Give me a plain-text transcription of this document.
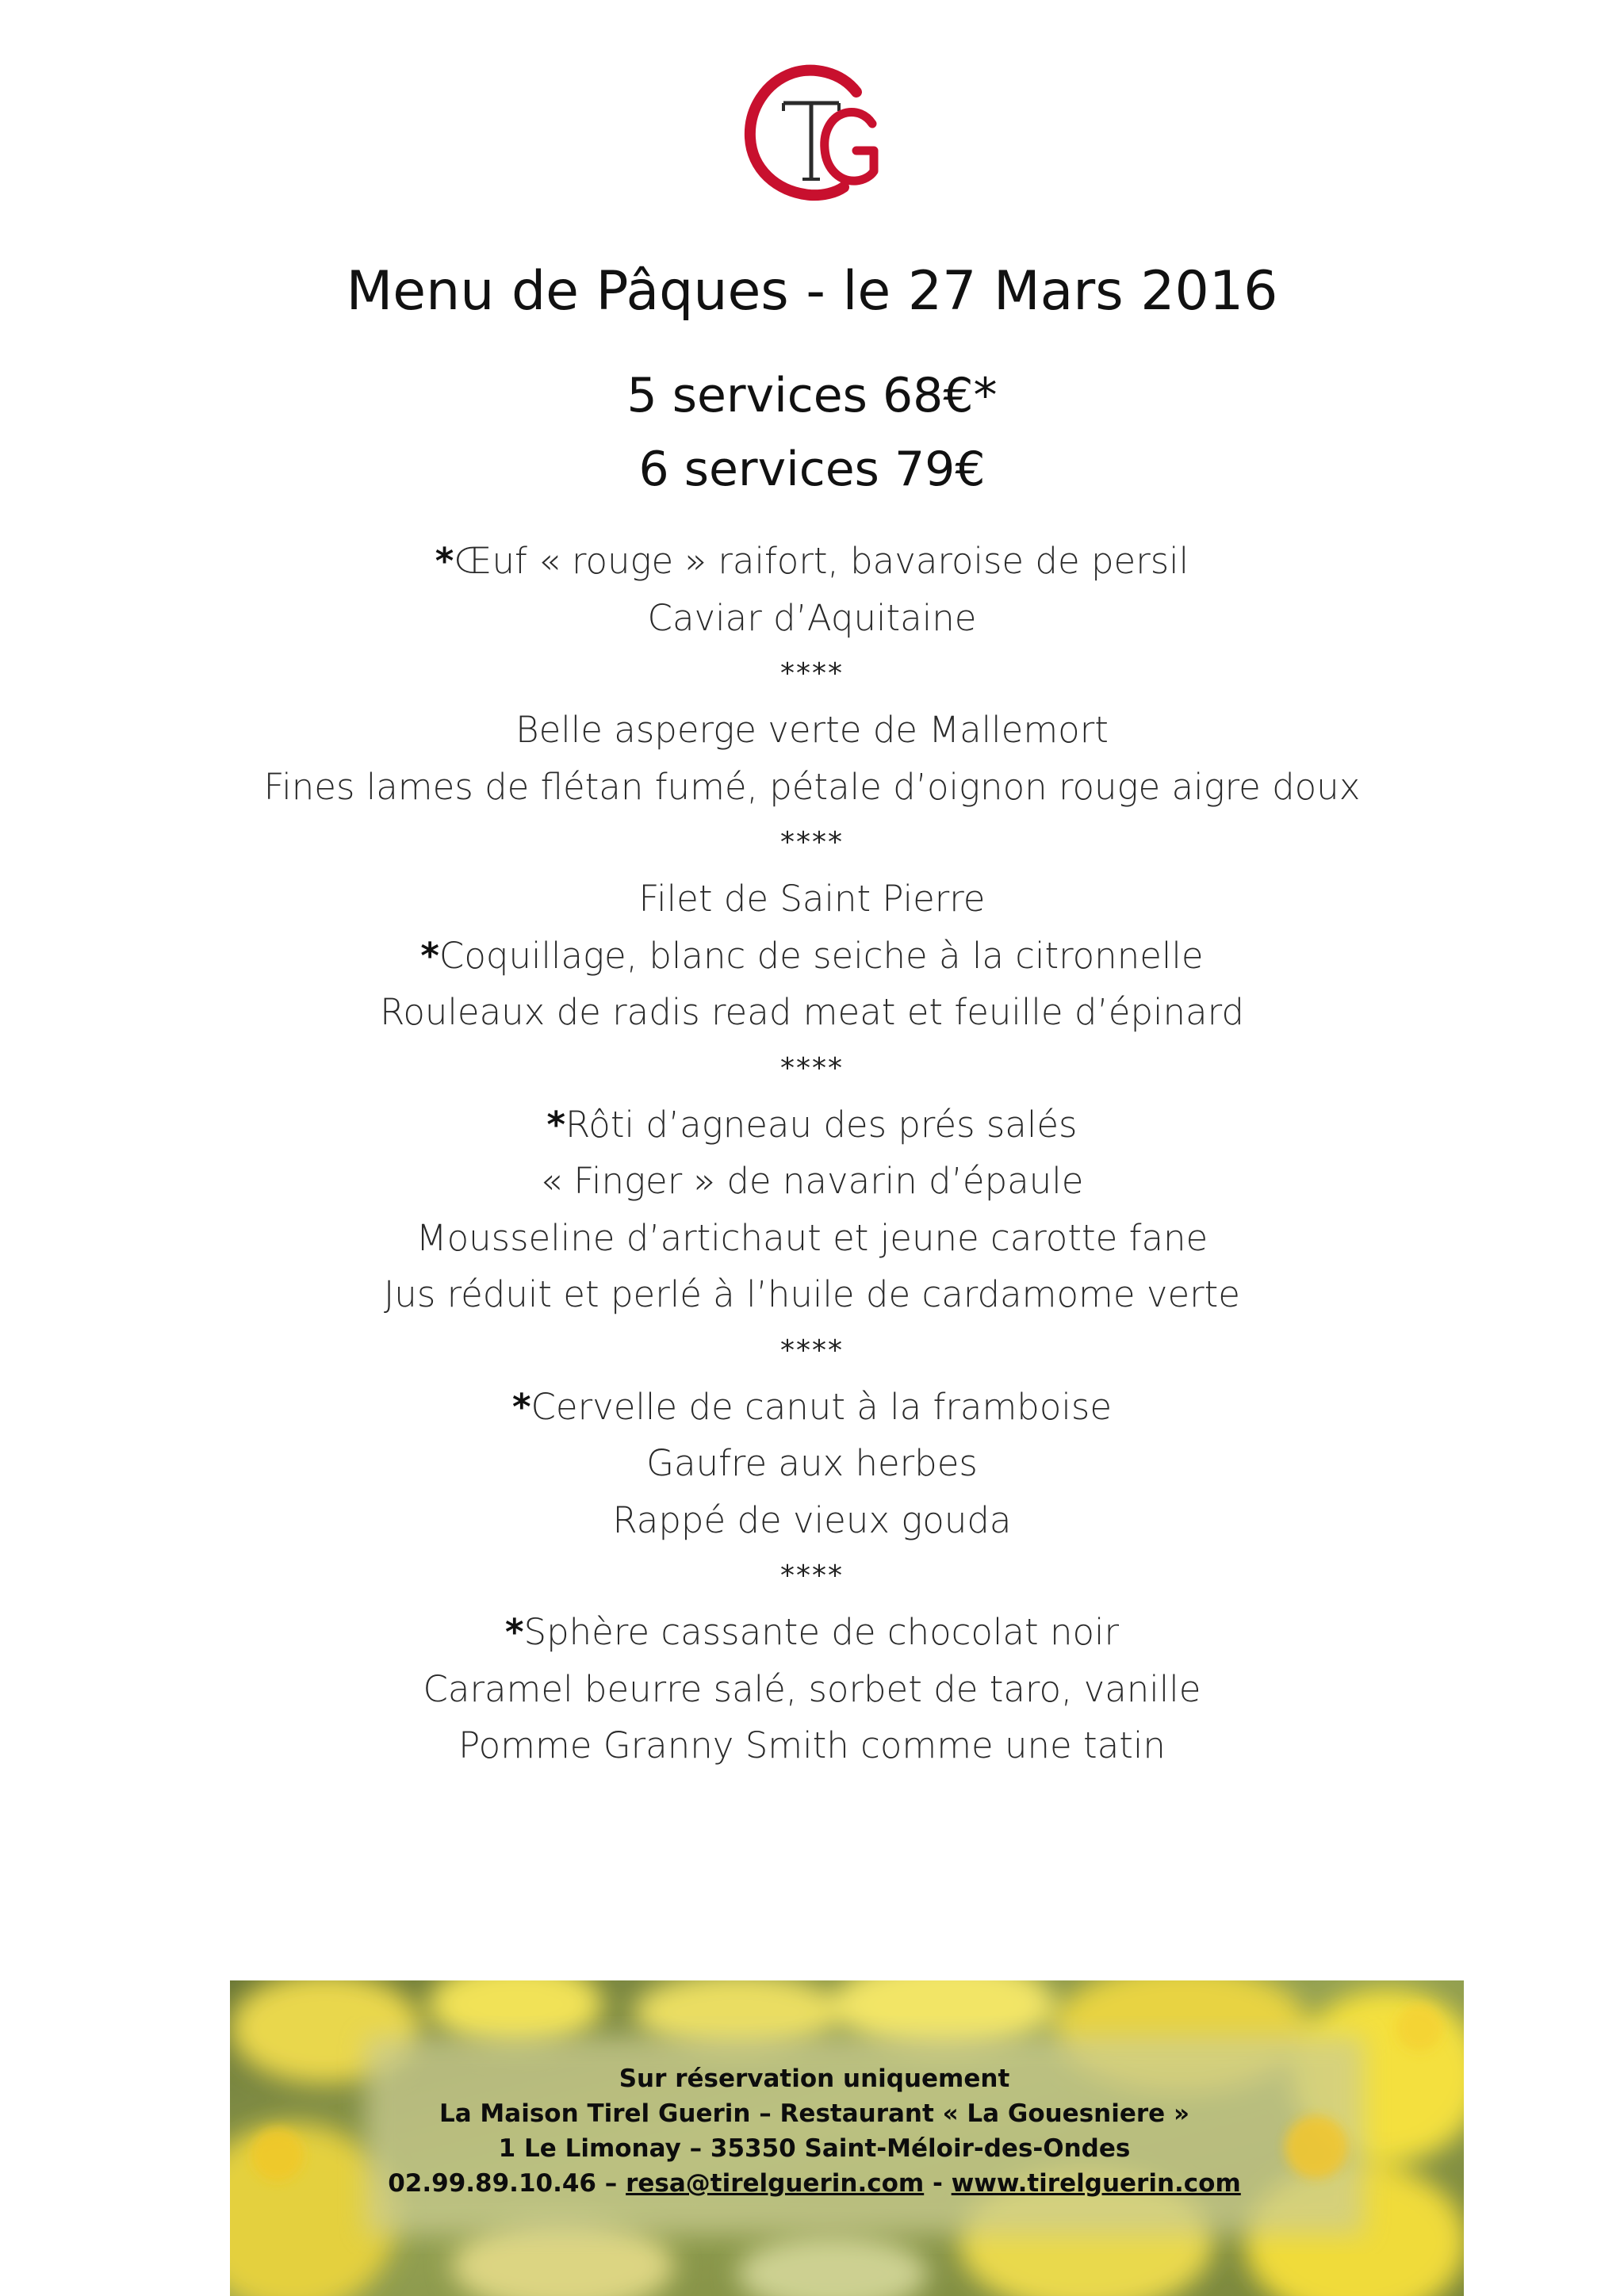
Menu de Pâques - le 27 Mars 2016
5 services 68€*
6 services 79€
*Œuf « rouge » raifort, bavaroise de persil
Caviar d’Aquitaine
****
Belle asperge verte de Mallemort
Fines lames de flétan fumé, pétale d’oignon rouge aigre doux
****
Filet de Saint Pierre
*Coquillage, blanc de seiche à la citronnelle
Rouleaux de radis read meat et feuille d’épinard
****
*Rôti d’agneau des prés salés
« Finger » de navarin d’épaule
Mousseline d’artichaut et jeune carotte fane
Jus réduit et perlé à l’huile de cardamome verte
****
*Cervelle de canut à la framboise
Gaufre aux herbes
Rappé de vieux gouda
****
*Sphère cassante de chocolat noir
Caramel beurre salé, sorbet de taro, vanille
Pomme Granny Smith comme une tatin
Sur réservation uniquement
La Maison Tirel Guerin – Restaurant « La Gouesniere »
1 Le Limonay – 35350 Saint-Méloir-des-Ondes
02.99.89.10.46 – resa@tirelguerin.com - www.tirelguerin.com
